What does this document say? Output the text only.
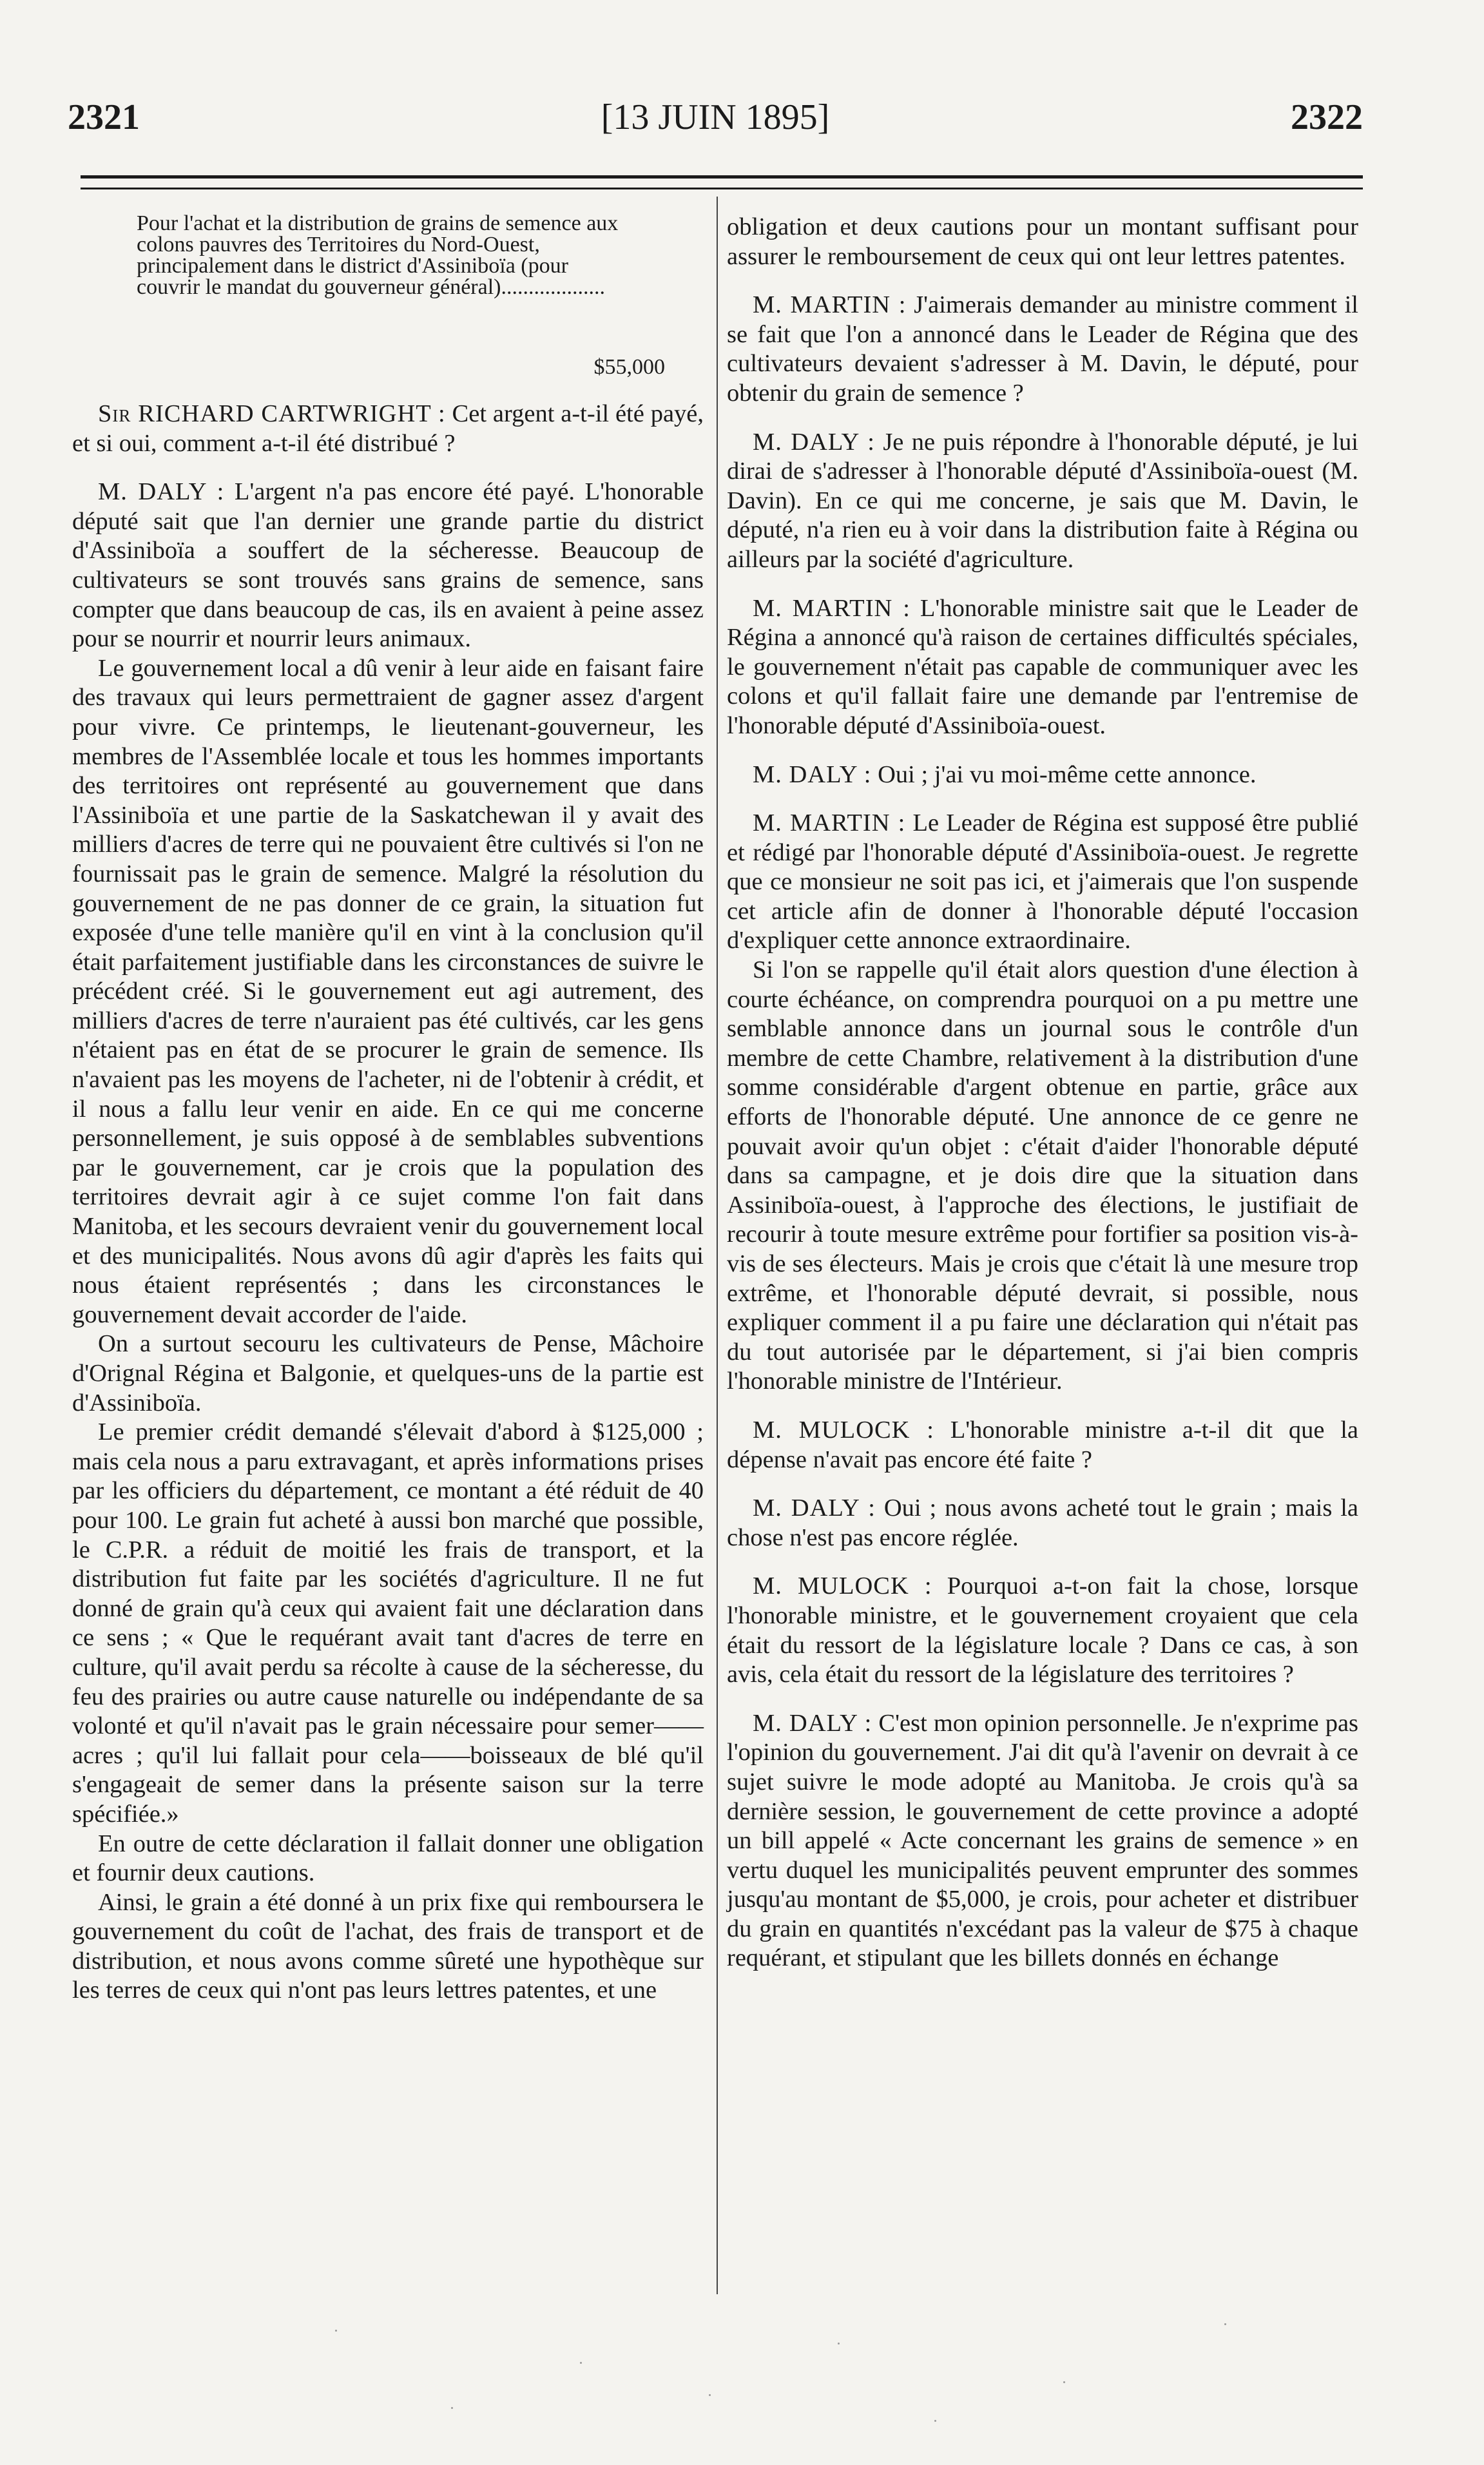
2321	[13 JUIN 1895]	2322
Pour l'achat et la distribution de grains de semence aux colons pauvres des Territoires du Nord-Ouest, principalement dans le district d'Assiniboïa (pour couvrir le mandat du gouverneur général)...................
$55,000

Sir RICHARD CARTWRIGHT : Cet argent a-t-il été payé, et si oui, comment a-t-il été distribué ?

M. DALY : L'argent n'a pas encore été payé. L'honorable député sait que l'an dernier une grande partie du district d'Assiniboïa a souffert de la sécheresse. Beaucoup de cultivateurs se sont trouvés sans grains de semence, sans compter que dans beaucoup de cas, ils en avaient à peine assez pour se nourrir et nourrir leurs animaux.

Le gouvernement local a dû venir à leur aide en faisant faire des travaux qui leurs permettraient de gagner assez d'argent pour vivre. Ce printemps, le lieutenant-gouverneur, les membres de l'Assemblée locale et tous les hommes importants des territoires ont représenté au gouvernement que dans l'Assiniboïa et une partie de la Saskatchewan il y avait des milliers d'acres de terre qui ne pouvaient être cultivés si l'on ne fournissait pas le grain de semence. Malgré la résolution du gouvernement de ne pas donner de ce grain, la situation fut exposée d'une telle manière qu'il en vint à la conclusion qu'il était parfaitement justifiable dans les circonstances de suivre le précédent créé. Si le gouvernement eut agi autrement, des milliers d'acres de terre n'auraient pas été cultivés, car les gens n'étaient pas en état de se procurer le grain de semence. Ils n'avaient pas les moyens de l'acheter, ni de l'obtenir à crédit, et il nous a fallu leur venir en aide. En ce qui me concerne personnellement, je suis opposé à de semblables subventions par le gouvernement, car je crois que la population des territoires devrait agir à ce sujet comme l'on fait dans Manitoba, et les secours devraient venir du gouvernement local et des municipalités. Nous avons dû agir d'après les faits qui nous étaient représentés ; dans les circonstances le gouvernement devait accorder de l'aide.

On a surtout secouru les cultivateurs de Pense, Mâchoire d'Orignal Régina et Balgonie, et quelques-uns de la partie est d'Assiniboïa.

Le premier crédit demandé s'élevait d'abord à $125,000 ; mais cela nous a paru extravagant, et après informations prises par les officiers du département, ce montant a été réduit de 40 pour 100. Le grain fut acheté à aussi bon marché que possible, le C.P.R. a réduit de moitié les frais de transport, et la distribution fut faite par les sociétés d'agriculture. Il ne fut donné de grain qu'à ceux qui avaient fait une déclaration dans ce sens ; « Que le requérant avait tant d'acres de terre en culture, qu'il avait perdu sa récolte à cause de la sécheresse, du feu des prairies ou autre cause naturelle ou indépendante de sa volonté et qu'il n'avait pas le grain nécessaire pour semer——acres ; qu'il lui fallait pour cela——boisseaux de blé qu'il s'engageait de semer dans la présente saison sur la terre spécifiée.»

En outre de cette déclaration il fallait donner une obligation et fournir deux cautions.

Ainsi, le grain a été donné à un prix fixe qui remboursera le gouvernement du coût de l'achat, des frais de transport et de distribution, et nous avons comme sûreté une hypothèque sur les terres de ceux qui n'ont pas leurs lettres patentes, et une

obligation et deux cautions pour un montant suffisant pour assurer le remboursement de ceux qui ont leur lettres patentes.

M. MARTIN : J'aimerais demander au ministre comment il se fait que l'on a annoncé dans le Leader de Régina que des cultivateurs devaient s'adresser à M. Davin, le député, pour obtenir du grain de semence ?

M. DALY : Je ne puis répondre à l'honorable député, je lui dirai de s'adresser à l'honorable député d'Assiniboïa-ouest (M. Davin). En ce qui me concerne, je sais que M. Davin, le député, n'a rien eu à voir dans la distribution faite à Régina ou ailleurs par la société d'agriculture.

M. MARTIN : L'honorable ministre sait que le Leader de Régina a annoncé qu'à raison de certaines difficultés spéciales, le gouvernement n'était pas capable de communiquer avec les colons et qu'il fallait faire une demande par l'entremise de l'honorable député d'Assiniboïa-ouest.

M. DALY : Oui ; j'ai vu moi-même cette annonce.

M. MARTIN : Le Leader de Régina est supposé être publié et rédigé par l'honorable député d'Assiniboïa-ouest. Je regrette que ce monsieur ne soit pas ici, et j'aimerais que l'on suspende cet article afin de donner à l'honorable député l'occasion d'expliquer cette annonce extraordinaire.

Si l'on se rappelle qu'il était alors question d'une élection à courte échéance, on comprendra pourquoi on a pu mettre une semblable annonce dans un journal sous le contrôle d'un membre de cette Chambre, relativement à la distribution d'une somme considérable d'argent obtenue en partie, grâce aux efforts de l'honorable député. Une annonce de ce genre ne pouvait avoir qu'un objet : c'était d'aider l'honorable député dans sa campagne, et je dois dire que la situation dans Assiniboïa-ouest, à l'approche des élections, le justifiait de recourir à toute mesure extrême pour fortifier sa position vis-à-vis de ses électeurs. Mais je crois que c'était là une mesure trop extrême, et l'honorable député devrait, si possible, nous expliquer comment il a pu faire une déclaration qui n'était pas du tout autorisée par le département, si j'ai bien compris l'honorable ministre de l'Intérieur.

M. MULOCK : L'honorable ministre a-t-il dit que la dépense n'avait pas encore été faite ?

M. DALY : Oui ; nous avons acheté tout le grain ; mais la chose n'est pas encore réglée.

M. MULOCK : Pourquoi a-t-on fait la chose, lorsque l'honorable ministre, et le gouvernement croyaient que cela était du ressort de la législature locale ? Dans ce cas, à son avis, cela était du ressort de la législature des territoires ?

M. DALY : C'est mon opinion personnelle. Je n'exprime pas l'opinion du gouvernement. J'ai dit qu'à l'avenir on devrait à ce sujet suivre le mode adopté au Manitoba. Je crois qu'à sa dernière session, le gouvernement de cette province a adopté un bill appelé « Acte concernant les grains de semence » en vertu duquel les municipalités peuvent emprunter des sommes jusqu'au montant de $5,000, je crois, pour acheter et distribuer du grain en quantités n'excédant pas la valeur de $75 à chaque requérant, et stipulant que les billets donnés en échange
